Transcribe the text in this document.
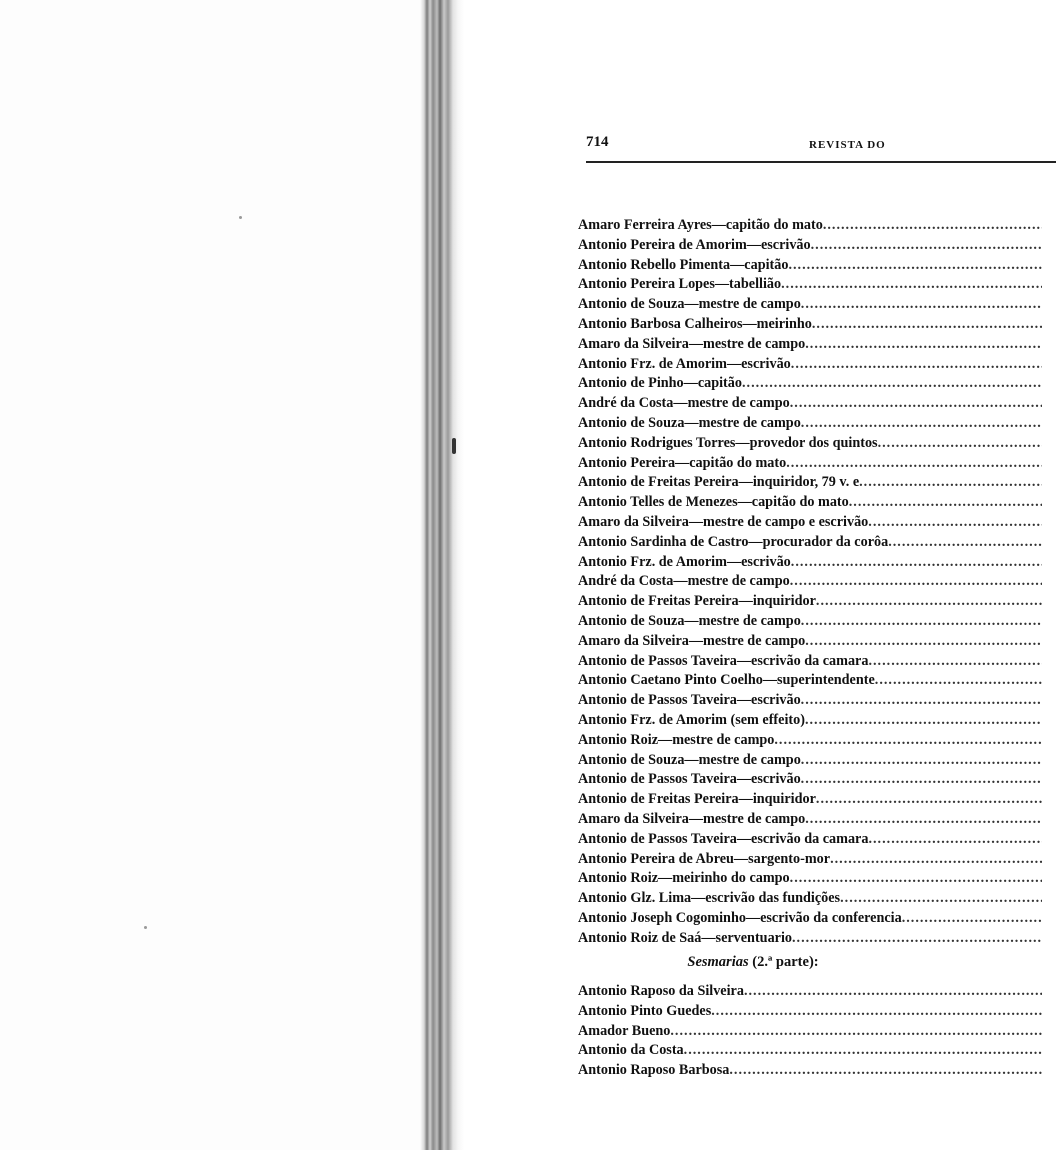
714	REVISTA DO
Amaro Ferreira Ayres—capitão do mato
.....
Antonio Pereira de Amorim—escrivão
.....
Antonio Rebello Pimenta—capitão
.....
Antonio Pereira Lopes—tabellião
.....
Antonio de Souza—mestre de campo
.....
Antonio Barbosa Calheiros—meirinho
.....
Amaro da Silveira—mestre de campo
.....
Antonio Frz. de Amorim—escrivão
.....
Antonio de Pinho—capitão
.....
André da Costa—mestre de campo
.....
Antonio de Souza—mestre de campo
.....
Antonio Rodrigues Torres—provedor dos quintos
.....
Antonio Pereira—capitão do mato
.....
Antonio de Freitas Pereira—inquiridor, 79 v. e
.....
Antonio Telles de Menezes—capitão do mato
.....
Amaro da Silveira—mestre de campo e escrivão
.....
Antonio Sardinha de Castro—procurador da corôa
.....
Antonio Frz. de Amorim—escrivão
.....
André da Costa—mestre de campo
.....
Antonio de Freitas Pereira—inquiridor
.....
Antonio de Souza—mestre de campo
.....
Amaro da Silveira—mestre de campo
.....
Antonio de Passos Taveira—escrivão da camara
.....
Antonio Caetano Pinto Coelho—superintendente
.....
Antonio de Passos Taveira—escrivão
.....
Antonio Frz. de Amorim (sem effeito)
.....
Antonio Roiz—mestre de campo
.....
Antonio de Souza—mestre de campo
.....
Antonio de Passos Taveira—escrivão
.....
Antonio de Freitas Pereira—inquiridor
.....
Amaro da Silveira—mestre de campo
.....
Antonio de Passos Taveira—escrivão da camara
.....
Antonio Pereira de Abreu—sargento-mor
.....
Antonio Roiz—meirinho do campo
.....
Antonio Glz. Lima—escrivão das fundições
.....
Antonio Joseph Cogominho—escrivão da conferencia
.....
Antonio Roiz de Saá—serventuario
.....
Sesmarias (2.ª parte):
Antonio Raposo da Silveira
.....
Antonio Pinto Guedes
.....
Amador Bueno
.....
Antonio da Costa
.....
Antonio Raposo Barbosa
.....
